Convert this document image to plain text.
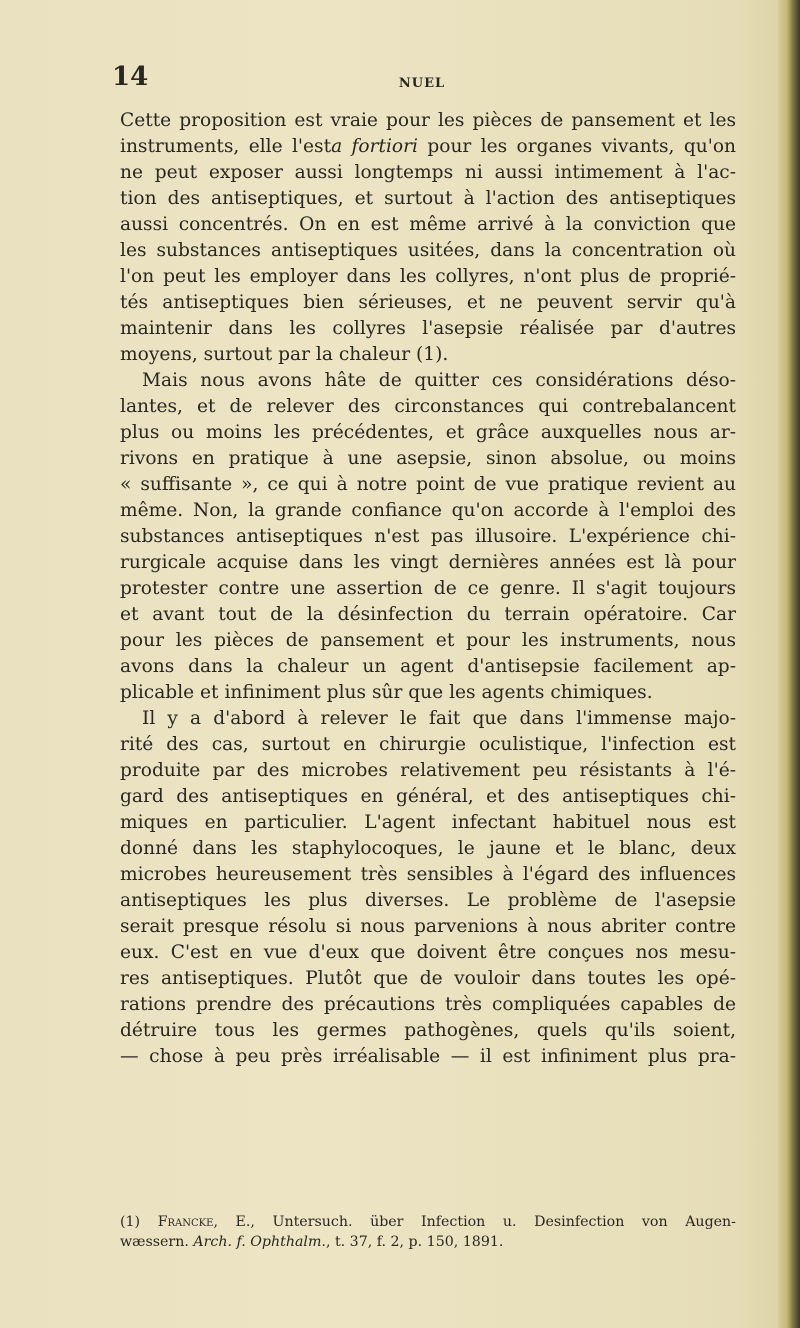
14	NUEL
Cette proposition est vraie pour les pièces de pansement et les
instruments, elle l'esta fortiori pour les organes vivants, qu'on
ne peut exposer aussi longtemps ni aussi intimement à l'ac-
tion des antiseptiques, et surtout à l'action des antiseptiques
aussi concentrés. On en est même arrivé à la conviction que
les substances antiseptiques usitées, dans la concentration où
l'on peut les employer dans les collyres, n'ont plus de proprié-
tés antiseptiques bien sérieuses, et ne peuvent servir qu'à
maintenir dans les collyres l'asepsie réalisée par d'autres
moyens, surtout par la chaleur (1).
Mais nous avons hâte de quitter ces considérations déso-
lantes, et de relever des circonstances qui contrebalancent
plus ou moins les précédentes, et grâce auxquelles nous ar-
rivons en pratique à une asepsie, sinon absolue, ou moins
« suffisante », ce qui à notre point de vue pratique revient au
même. Non, la grande confiance qu'on accorde à l'emploi des
substances antiseptiques n'est pas illusoire. L'expérience chi-
rurgicale acquise dans les vingt dernières années est là pour
protester contre une assertion de ce genre. Il s'agit toujours
et avant tout de la désinfection du terrain opératoire. Car
pour les pièces de pansement et pour les instruments, nous
avons dans la chaleur un agent d'antisepsie facilement ap-
plicable et infiniment plus sûr que les agents chimiques.
Il y a d'abord à relever le fait que dans l'immense majo-
rité des cas, surtout en chirurgie oculistique, l'infection est
produite par des microbes relativement peu résistants à l'é-
gard des antiseptiques en général, et des antiseptiques chi-
miques en particulier. L'agent infectant habituel nous est
donné dans les staphylocoques, le jaune et le blanc, deux
microbes heureusement très sensibles à l'égard des influences
antiseptiques les plus diverses. Le problème de l'asepsie
serait presque résolu si nous parvenions à nous abriter contre
eux. C'est en vue d'eux que doivent être conçues nos mesu-
res antiseptiques. Plutôt que de vouloir dans toutes les opé-
rations prendre des précautions très compliquées capables de
détruire tous les germes pathogènes, quels qu'ils soient,
— chose à peu près irréalisable — il est infiniment plus pra-
(1) Francke, E., Untersuch. über Infection u. Desinfection von Augen-
wæssern. Arch. f. Ophthalm., t. 37, f. 2, p. 150, 1891.
